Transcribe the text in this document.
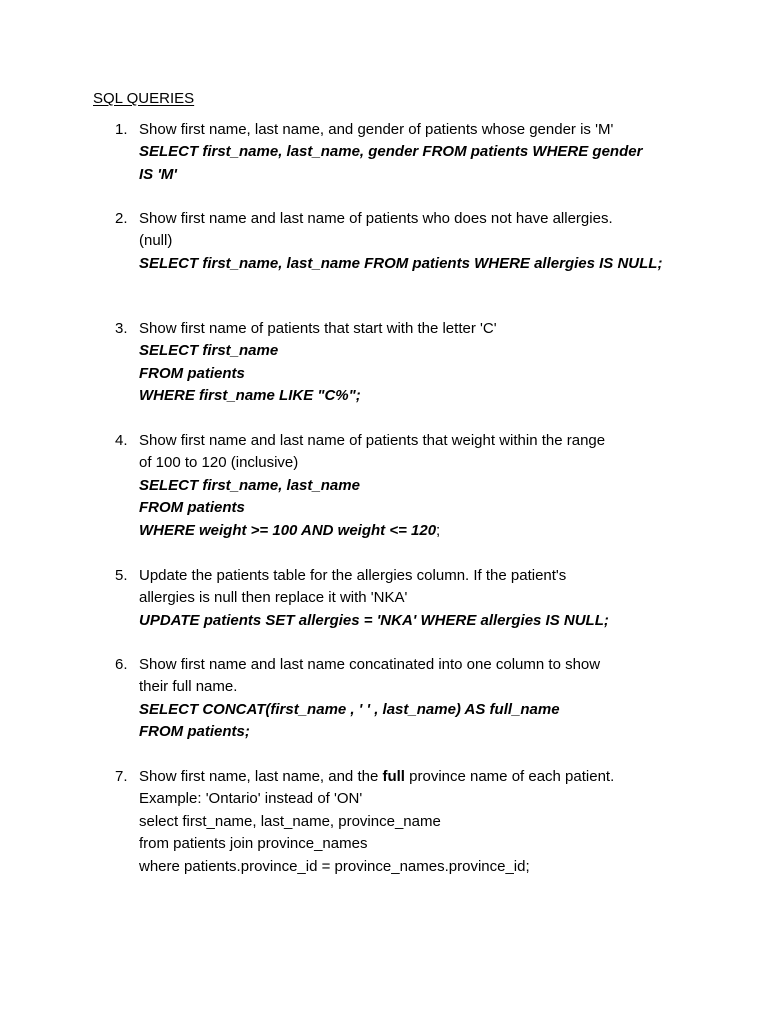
SQL QUERIES
1. Show first name, last name, and gender of patients whose gender is 'M'
SELECT first_name, last_name, gender FROM patients WHERE gender
IS 'M'
2. Show first name and last name of patients who does not have allergies.
(null)
SELECT first_name, last_name FROM patients WHERE allergies IS NULL;
3. Show first name of patients that start with the letter 'C'
SELECT first_name
FROM patients
WHERE first_name LIKE "C%";
4. Show first name and last name of patients that weight within the range
of 100 to 120 (inclusive)
SELECT first_name, last_name
FROM patients
WHERE weight >= 100 AND weight <= 120;
5. Update the patients table for the allergies column. If the patient's
allergies is null then replace it with 'NKA'
UPDATE patients SET allergies = 'NKA' WHERE allergies IS NULL;
6. Show first name and last name concatinated into one column to show
their full name.
SELECT CONCAT(first_name , ' ' , last_name) AS full_name
FROM patients;
7. Show first name, last name, and the full province name of each patient.
Example: 'Ontario' instead of 'ON'
select first_name, last_name, province_name
from patients join province_names
where patients.province_id = province_names.province_id;
